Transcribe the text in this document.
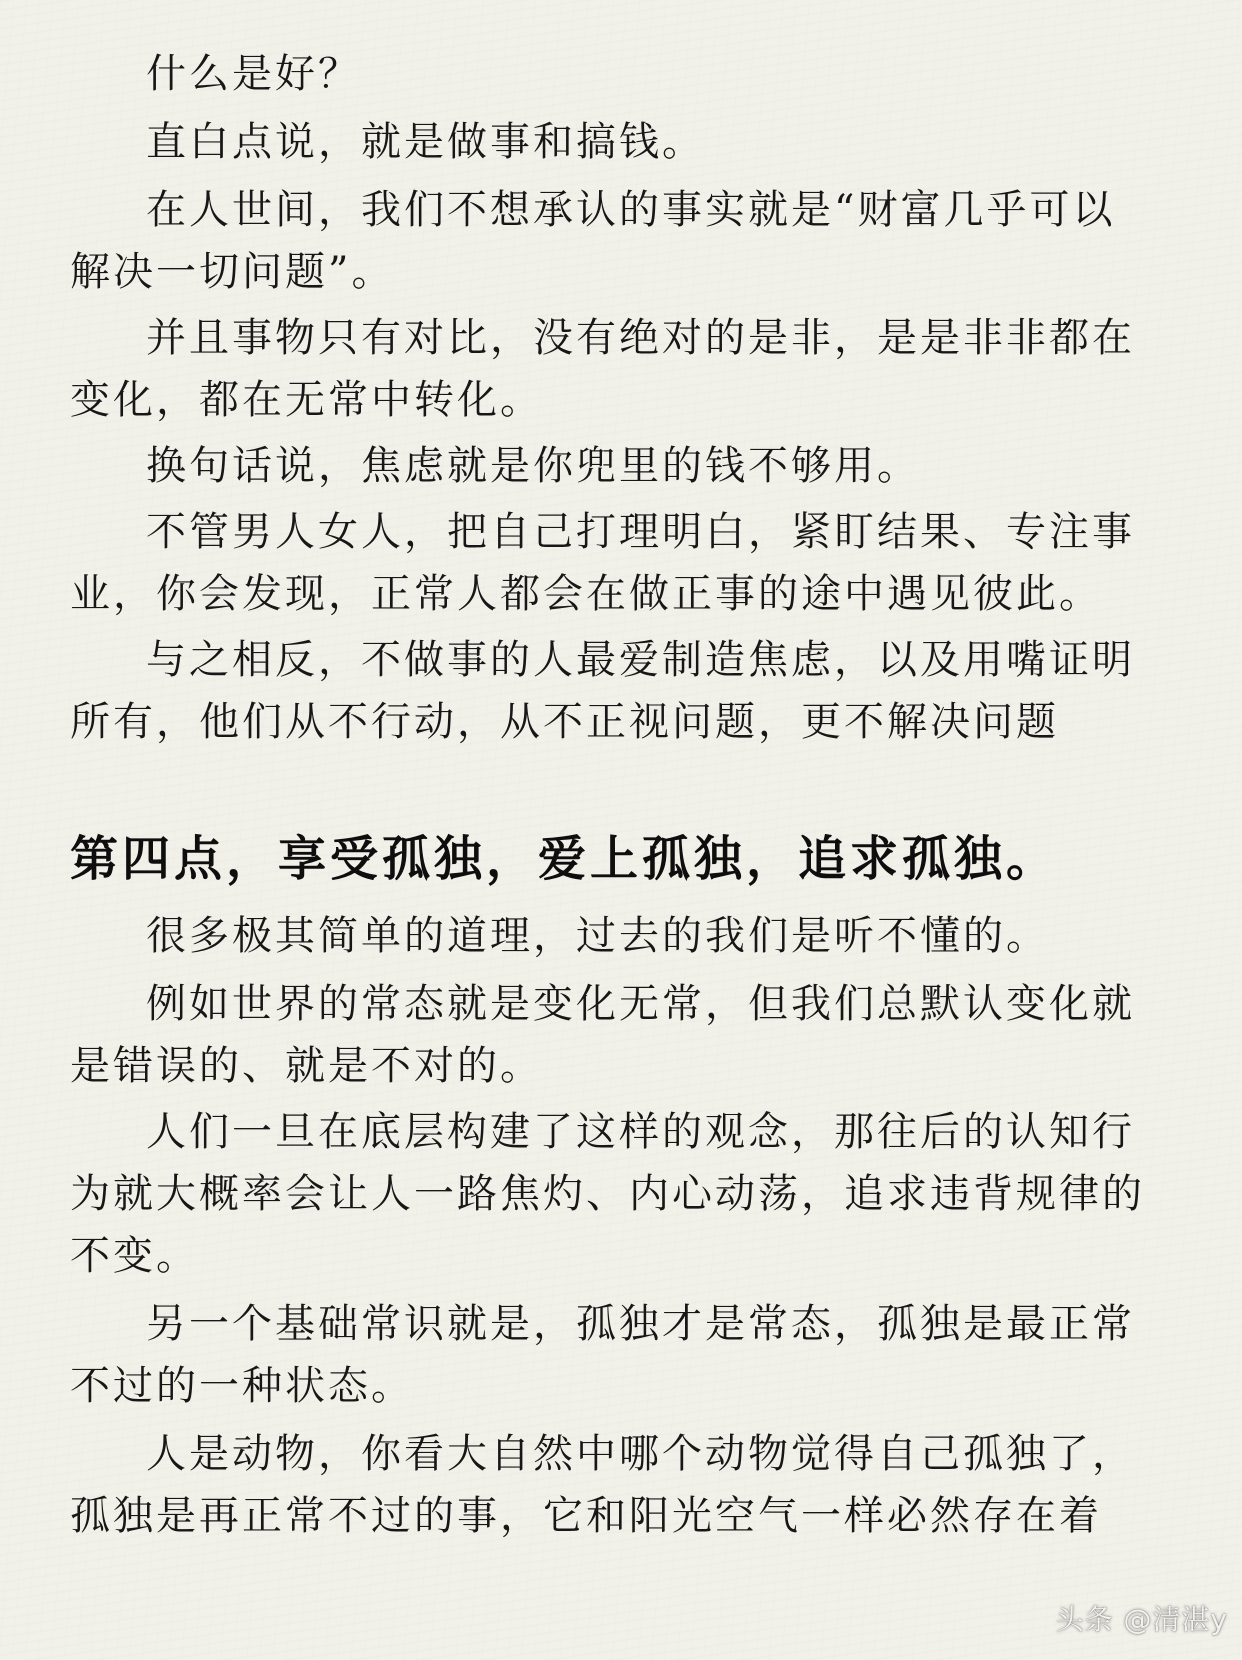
什么是好？

直白点说，就是做事和搞钱。

在人世间，我们不想承认的事实就是“财富几乎可以

解决一切问题”。

并且事物只有对比，没有绝对的是非，是是非非都在

变化，都在无常中转化。

换句话说，焦虑就是你兜里的钱不够用。

不管男人女人，把自己打理明白，紧盯结果、专注事

业，你会发现，正常人都会在做正事的途中遇见彼此。

与之相反，不做事的人最爱制造焦虑，以及用嘴证明

所有，他们从不行动，从不正视问题，更不解决问题

第四点，享受孤独，爱上孤独，追求孤独。

很多极其简单的道理，过去的我们是听不懂的。

例如世界的常态就是变化无常，但我们总默认变化就

是错误的、就是不对的。

人们一旦在底层构建了这样的观念，那往后的认知行

为就大概率会让人一路焦灼、内心动荡，追求违背规律的

不变。

另一个基础常识就是，孤独才是常态，孤独是最正常

不过的一种状态。

人是动物，你看大自然中哪个动物觉得自己孤独了，

孤独是再正常不过的事，它和阳光空气一样必然存在着

头条 @清湛y
